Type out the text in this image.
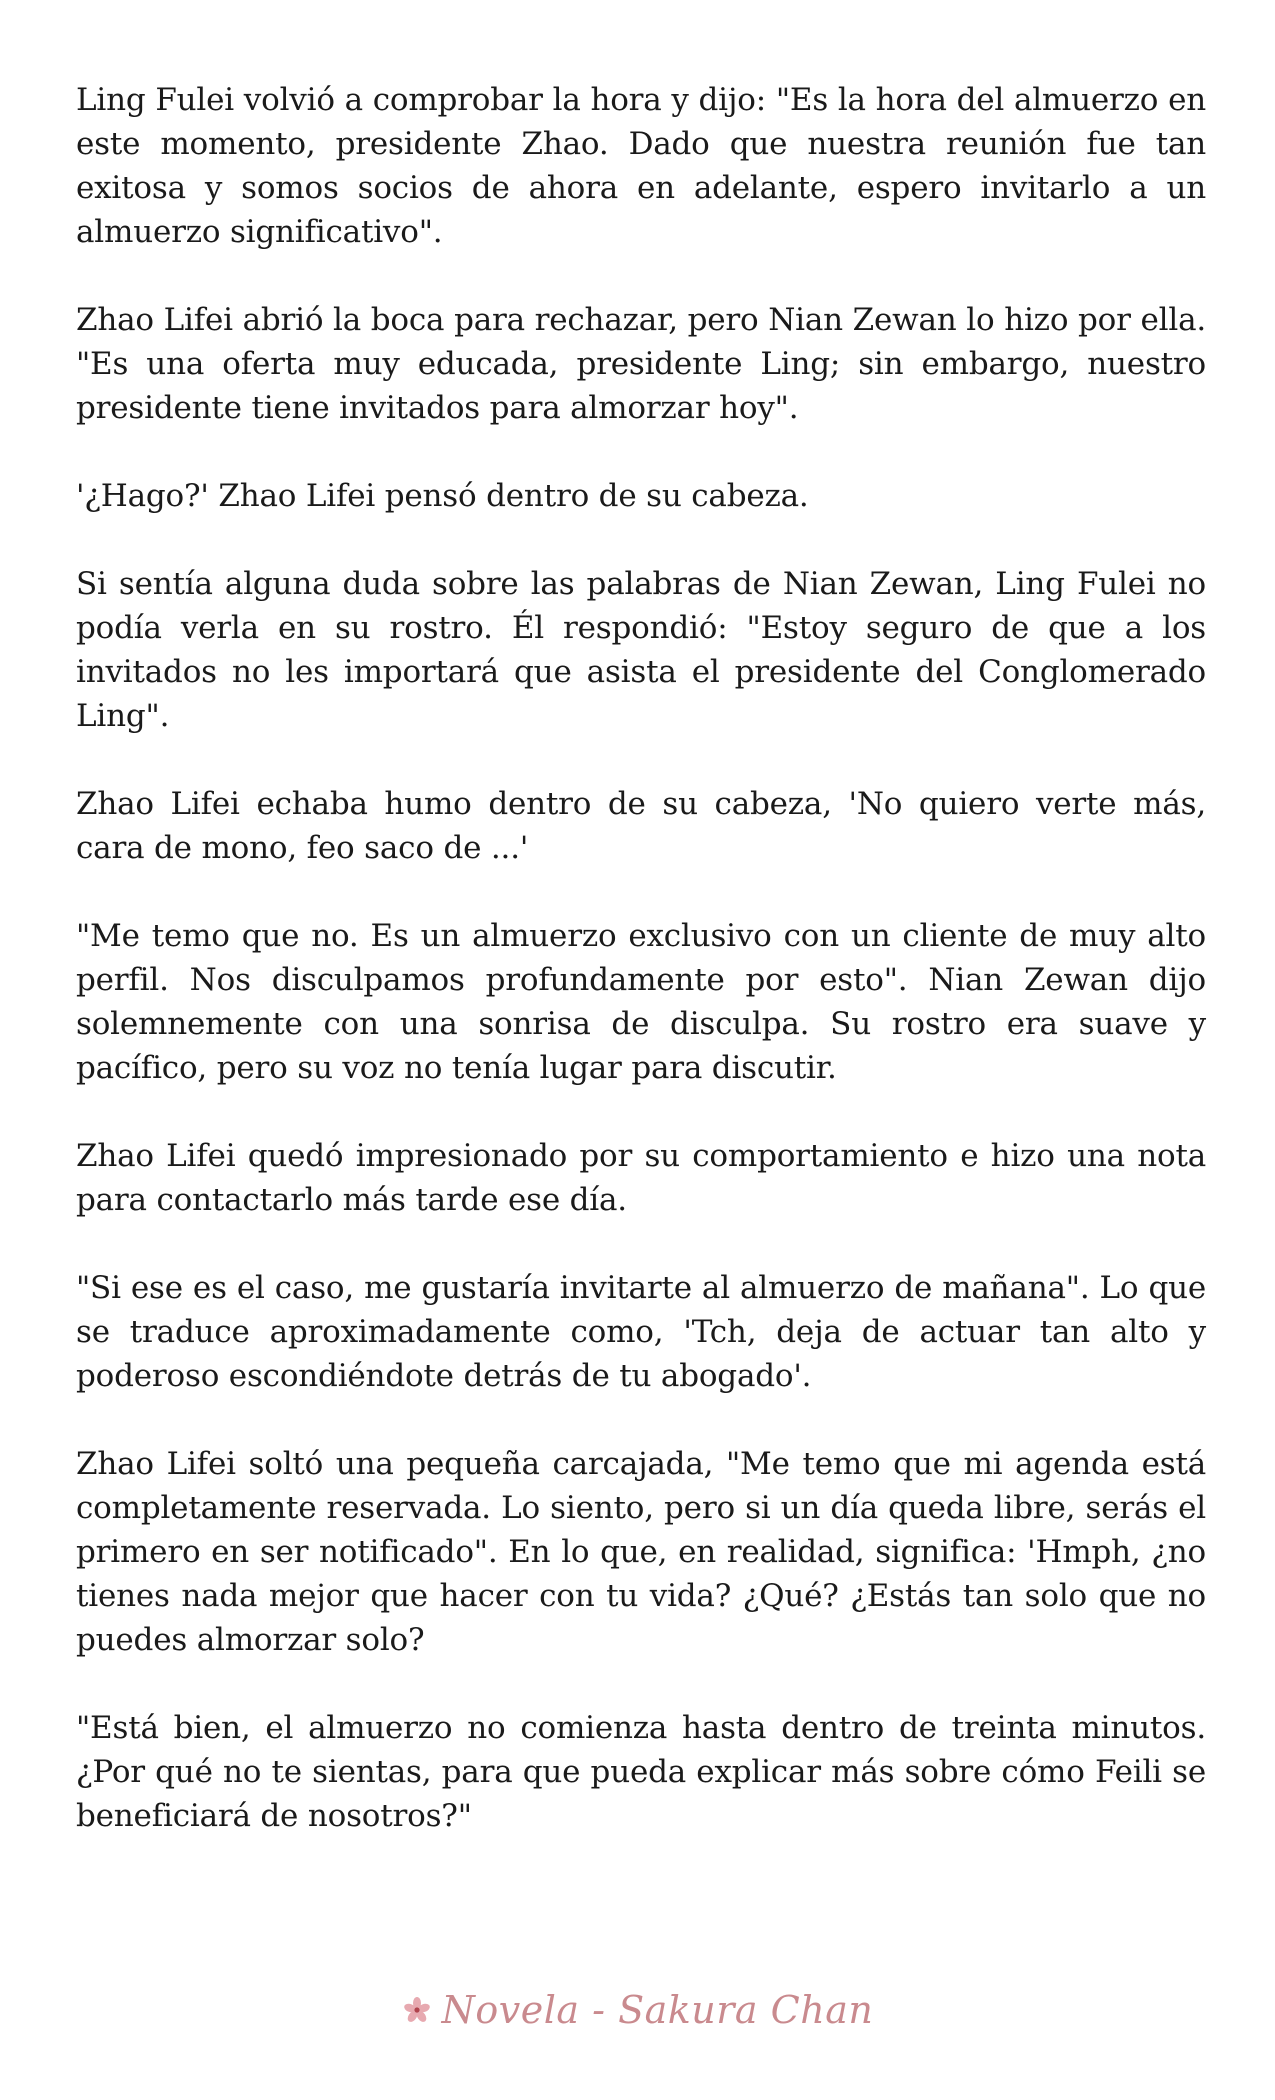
Ling Fulei volvió a comprobar la hora y dijo: "Es la hora del almuerzo en este momento, presidente Zhao. Dado que nuestra reunión fue tan exitosa y somos socios de ahora en adelante, espero invitarlo a un almuerzo significativo".

Zhao Lifei abrió la boca para rechazar, pero Nian Zewan lo hizo por ella. "Es una oferta muy educada, presidente Ling; sin embargo, nuestro presidente tiene invitados para almorzar hoy".

'¿Hago?' Zhao Lifei pensó dentro de su cabeza.

Si sentía alguna duda sobre las palabras de Nian Zewan, Ling Fulei no podía verla en su rostro. Él respondió: "Estoy seguro de que a los invitados no les importará que asista el presidente del Conglomerado Ling".

Zhao Lifei echaba humo dentro de su cabeza, 'No quiero verte más, cara de mono, feo saco de ...'

"Me temo que no. Es un almuerzo exclusivo con un cliente de muy alto perfil. Nos disculpamos profundamente por esto". Nian Zewan dijo solemnemente con una sonrisa de disculpa. Su rostro era suave y pacífico, pero su voz no tenía lugar para discutir.

Zhao Lifei quedó impresionado por su comportamiento e hizo una nota para contactarlo más tarde ese día.

"Si ese es el caso, me gustaría invitarte al almuerzo de mañana". Lo que se traduce aproximadamente como, 'Tch, deja de actuar tan alto y poderoso escondiéndote detrás de tu abogado'.

Zhao Lifei soltó una pequeña carcajada, "Me temo que mi agenda está completamente reservada. Lo siento, pero si un día queda libre, serás el primero en ser notificado". En lo que, en realidad, significa: 'Hmph, ¿no tienes nada mejor que hacer con tu vida? ¿Qué? ¿Estás tan solo que no puedes almorzar solo?

"Está bien, el almuerzo no comienza hasta dentro de treinta minutos. ¿Por qué no te sientas, para que pueda explicar más sobre cómo Feili se beneficiará de nosotros?"

Novela - Sakura Chan
